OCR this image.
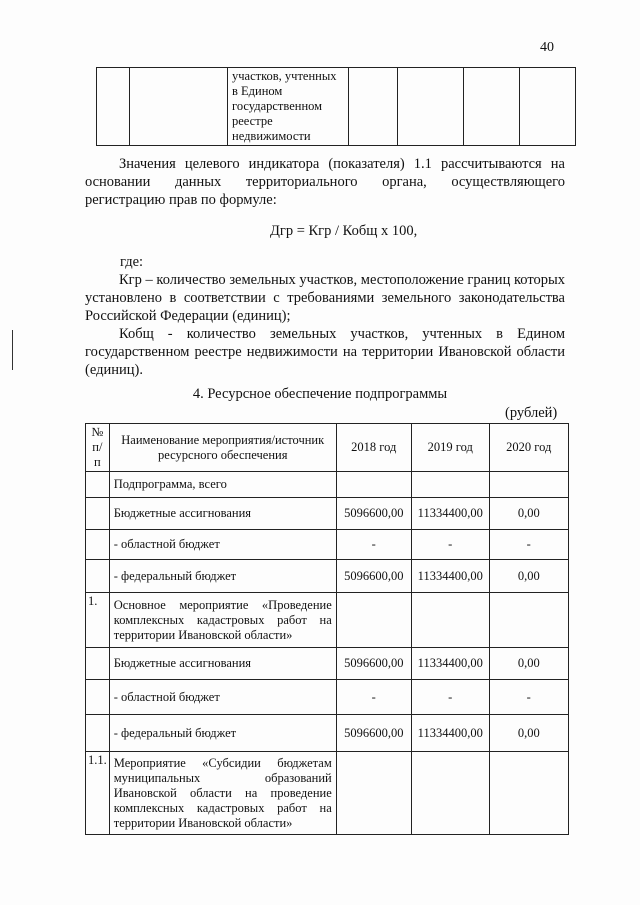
40

участков, учтенных
в Едином
государственном
реестре
недвижимости

Значения целевого индикатора (показателя) 1.1 рассчитываются на основании данных территориального органа, осуществляющего регистрацию прав по формуле:
Дгр = Кгр / Кобщ х 100,
где:
Кгр – количество земельных участков, местоположение границ которых установлено в соответствии с требованиями земельного законодательства Российской Федерации (единиц);
Кобщ - количество земельных участков, учтенных в Едином государственном реестре недвижимости на территории Ивановской области (единиц).
4. Ресурсное обеспечение подпрограммы
(рублей)
№ п/п	Наименование мероприятия/источник ресурсного обеспечения	2018 год	2019 год	2020 год
	Подпрограмма, всего			
	Бюджетные ассигнования	5096600,00	11334400,00	0,00
	- областной бюджет	-	-	-
	- федеральный бюджет	5096600,00	11334400,00	0,00
1.	Основное мероприятие «Проведение комплексных кадастровых работ на территории Ивановской области»			
	Бюджетные ассигнования	5096600,00	11334400,00	0,00
	- областной бюджет	-	-	-
	- федеральный бюджет	5096600,00	11334400,00	0,00
1.1.	Мероприятие «Субсидии бюджетам муниципальных образований Ивановской области на проведение комплексных кадастровых работ на территории Ивановской области»			
